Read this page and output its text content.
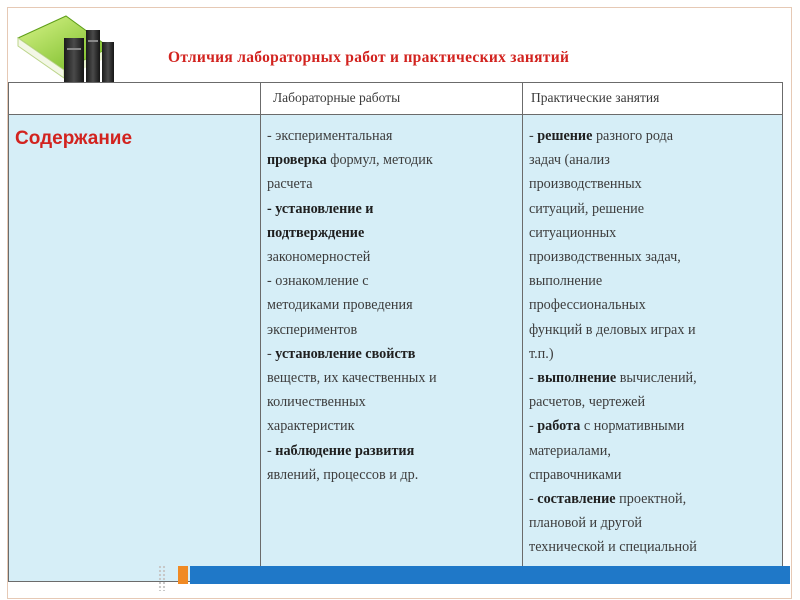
Отличия лабораторных работ и практических занятий
Лабораторные работы	Практические занятия
Содержание	- экспериментальная
проверка формул, методик
расчета
- установление и
подтверждение
закономерностей
- ознакомление с
методиками проведения
экспериментов
- установление свойств
веществ, их качественных и
количественных
характеристик
- наблюдение развития
явлений, процессов и др.
- решение разного рода
задач (анализ
производственных
ситуаций, решение
ситуационных
производственных задач,
выполнение
профессиональных
функций в деловых играх и
т.п.)
- выполнение вычислений,
расчетов, чертежей
- работа с нормативными
материалами,
справочниками
- составление проектной,
плановой и другой
технической и специальной
